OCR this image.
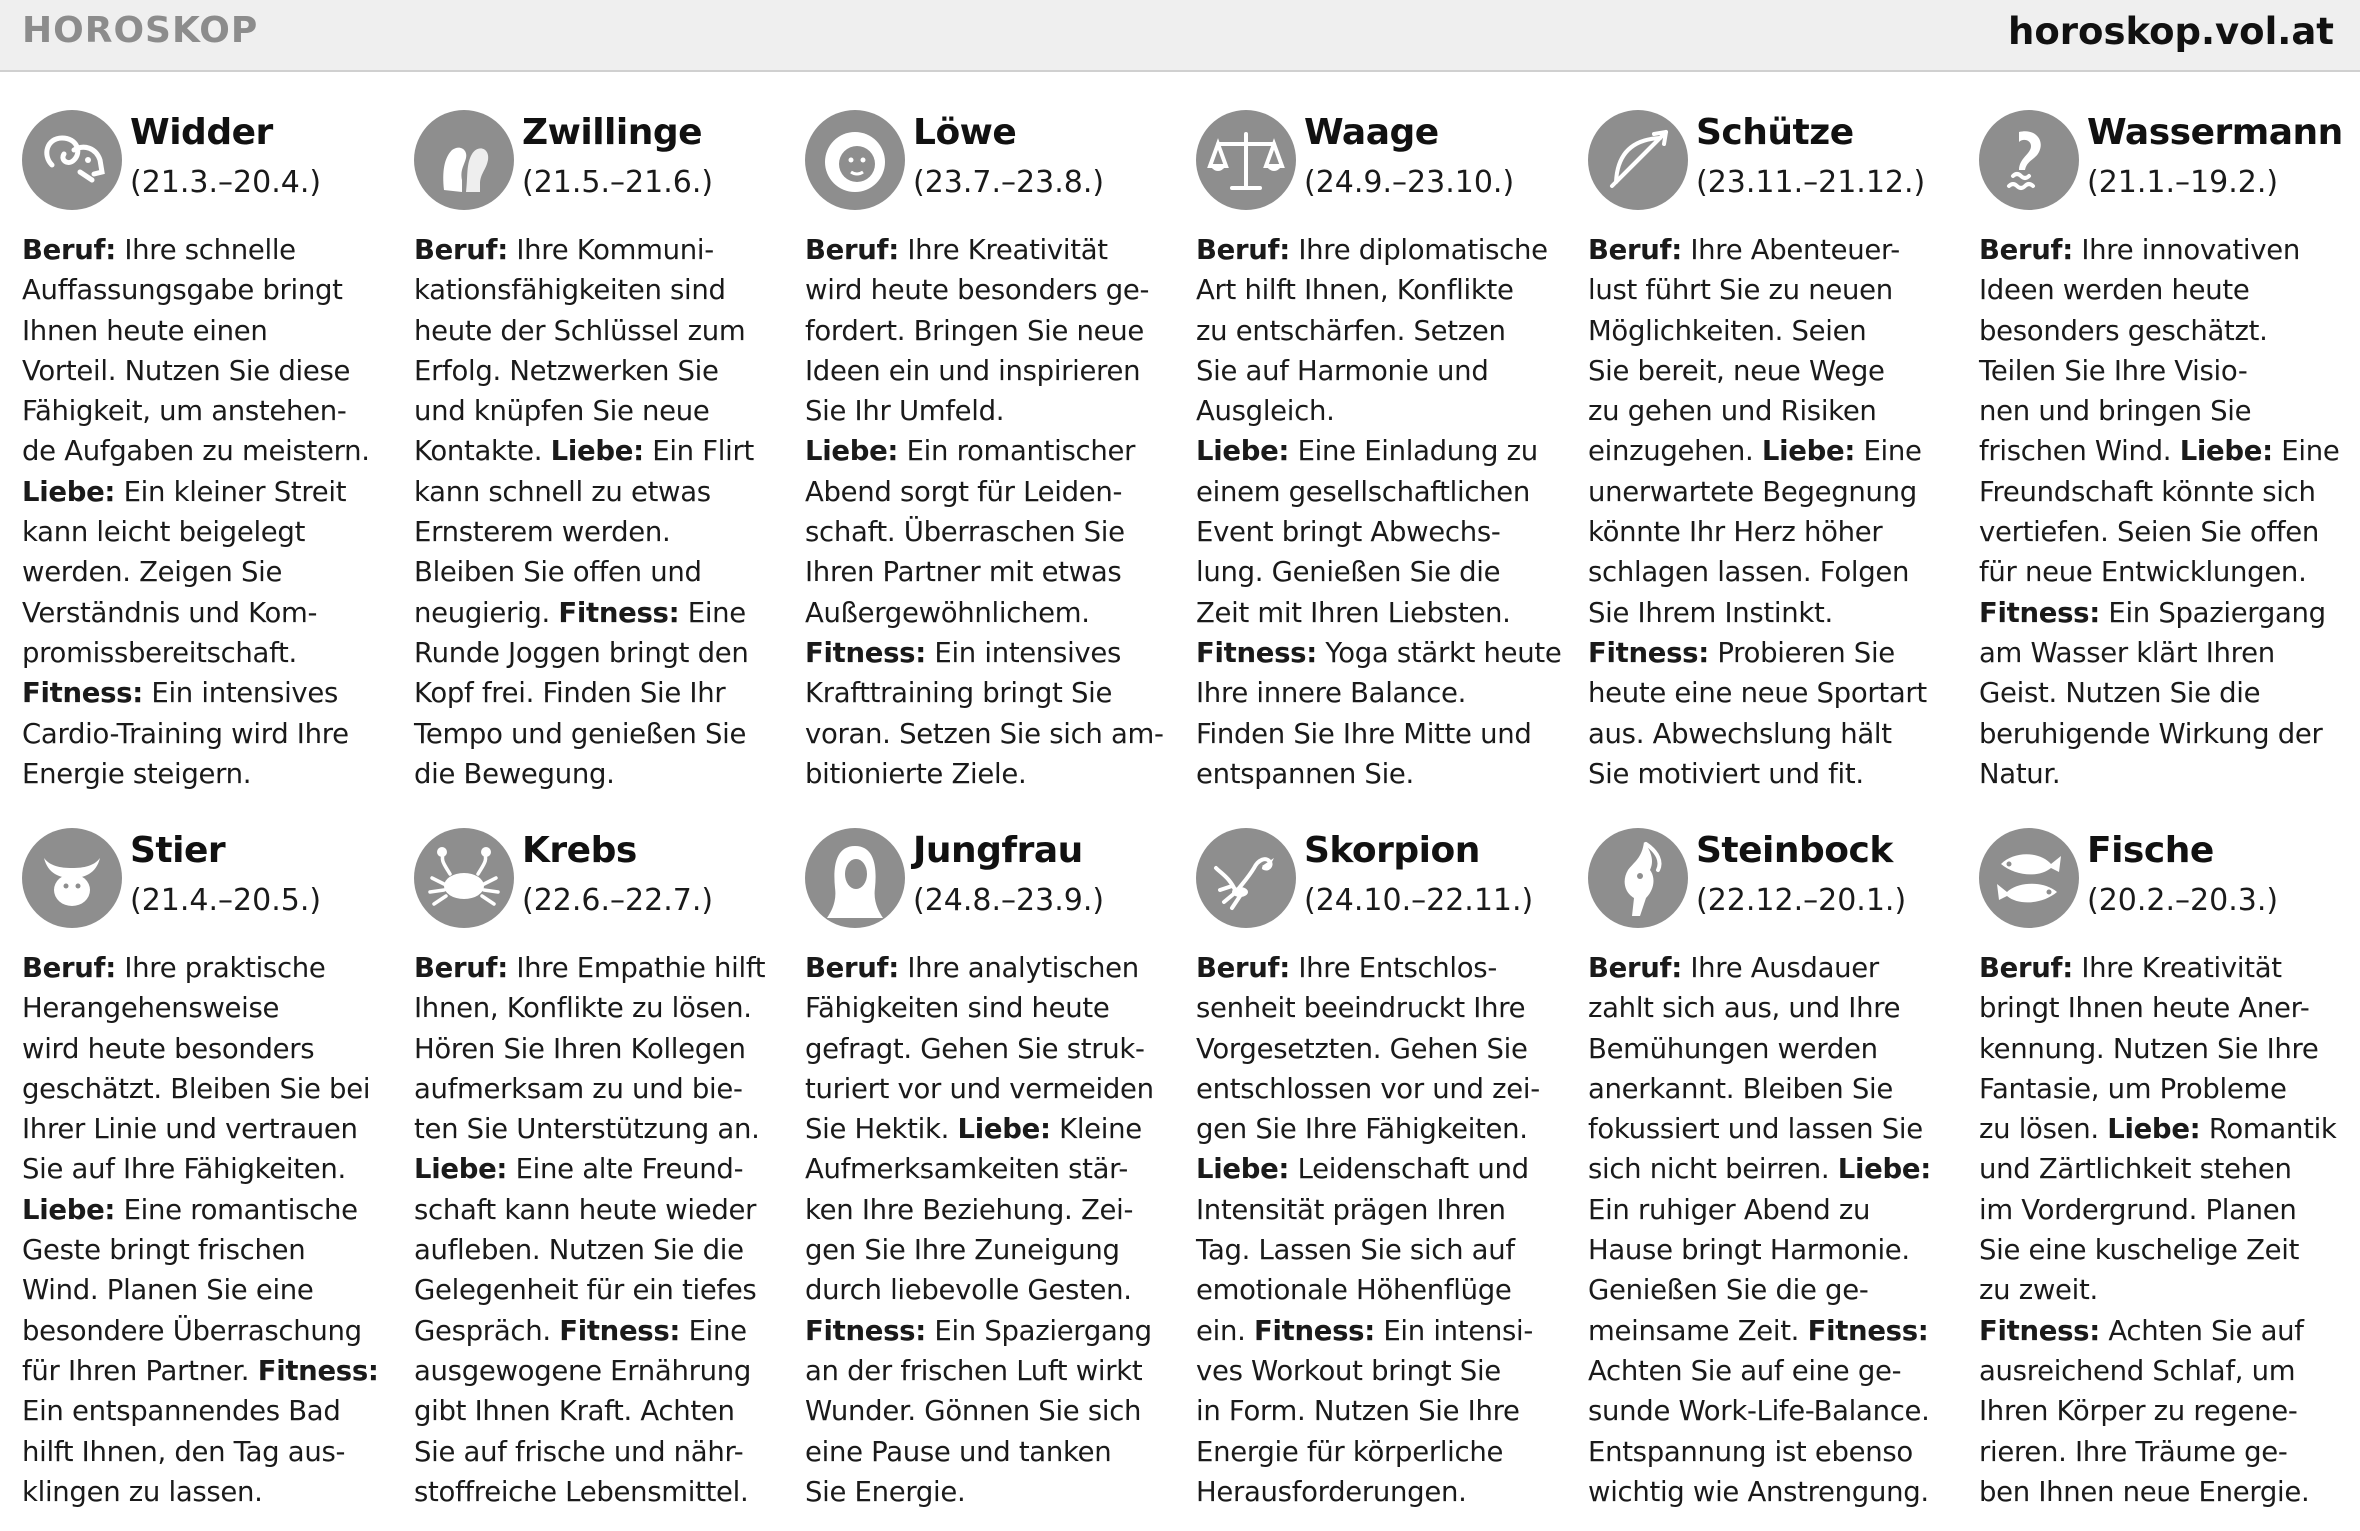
HOROSKOP	horoskop.vol.at
Widder
(21.3.–20.4.)
Beruf: Ihre schnelle
Auffassungsgabe bringt
Ihnen heute einen
Vorteil. Nutzen Sie diese
Fähigkeit, um anstehen-
de Aufgaben zu meistern.
Liebe: Ein kleiner Streit
kann leicht beigelegt
werden. Zeigen Sie
Verständnis und Kom-
promissbereitschaft.
Fitness: Ein intensives
Cardio-Training wird Ihre
Energie steigern.
Zwillinge
(21.5.–21.6.)
Beruf: Ihre Kommuni-
kationsfähigkeiten sind
heute der Schlüssel zum
Erfolg. Netzwerken Sie
und knüpfen Sie neue
Kontakte. Liebe: Ein Flirt
kann schnell zu etwas
Ernsterem werden.
Bleiben Sie offen und
neugierig. Fitness: Eine
Runde Joggen bringt den
Kopf frei. Finden Sie Ihr
Tempo und genießen Sie
die Bewegung.
Löwe
(23.7.–23.8.)
Beruf: Ihre Kreativität
wird heute besonders ge-
fordert. Bringen Sie neue
Ideen ein und inspirieren
Sie Ihr Umfeld.
Liebe: Ein romantischer
Abend sorgt für Leiden-
schaft. Überraschen Sie
Ihren Partner mit etwas
Außergewöhnlichem.
Fitness: Ein intensives
Krafttraining bringt Sie
voran. Setzen Sie sich am-
bitionierte Ziele.
Waage
(24.9.–23.10.)
Beruf: Ihre diplomatische
Art hilft Ihnen, Konflikte
zu entschärfen. Setzen
Sie auf Harmonie und
Ausgleich.
Liebe: Eine Einladung zu
einem gesellschaftlichen
Event bringt Abwechs-
lung. Genießen Sie die
Zeit mit Ihren Liebsten.
Fitness: Yoga stärkt heute
Ihre innere Balance.
Finden Sie Ihre Mitte und
entspannen Sie.
Schütze
(23.11.–21.12.)
Beruf: Ihre Abenteuer-
lust führt Sie zu neuen
Möglichkeiten. Seien
Sie bereit, neue Wege
zu gehen und Risiken
einzugehen. Liebe: Eine
unerwartete Begegnung
könnte Ihr Herz höher
schlagen lassen. Folgen
Sie Ihrem Instinkt.
Fitness: Probieren Sie
heute eine neue Sportart
aus. Abwechslung hält
Sie motiviert und fit.
Wassermann
(21.1.–19.2.)
Beruf: Ihre innovativen
Ideen werden heute
besonders geschätzt.
Teilen Sie Ihre Visio-
nen und bringen Sie
frischen Wind. Liebe: Eine
Freundschaft könnte sich
vertiefen. Seien Sie offen
für neue Entwicklungen.
Fitness: Ein Spaziergang
am Wasser klärt Ihren
Geist. Nutzen Sie die
beruhigende Wirkung der
Natur.
Stier
(21.4.–20.5.)
Beruf: Ihre praktische
Herangehensweise
wird heute besonders
geschätzt. Bleiben Sie bei
Ihrer Linie und vertrauen
Sie auf Ihre Fähigkeiten.
Liebe: Eine romantische
Geste bringt frischen
Wind. Planen Sie eine
besondere Überraschung
für Ihren Partner. Fitness:
Ein entspannendes Bad
hilft Ihnen, den Tag aus-
klingen zu lassen.
Krebs
(22.6.–22.7.)
Beruf: Ihre Empathie hilft
Ihnen, Konflikte zu lösen.
Hören Sie Ihren Kollegen
aufmerksam zu und bie-
ten Sie Unterstützung an.
Liebe: Eine alte Freund-
schaft kann heute wieder
aufleben. Nutzen Sie die
Gelegenheit für ein tiefes
Gespräch. Fitness: Eine
ausgewogene Ernährung
gibt Ihnen Kraft. Achten
Sie auf frische und nähr-
stoffreiche Lebensmittel.
Jungfrau
(24.8.–23.9.)
Beruf: Ihre analytischen
Fähigkeiten sind heute
gefragt. Gehen Sie struk-
turiert vor und vermeiden
Sie Hektik. Liebe: Kleine
Aufmerksamkeiten stär-
ken Ihre Beziehung. Zei-
gen Sie Ihre Zuneigung
durch liebevolle Gesten.
Fitness: Ein Spaziergang
an der frischen Luft wirkt
Wunder. Gönnen Sie sich
eine Pause und tanken
Sie Energie.
Skorpion
(24.10.–22.11.)
Beruf: Ihre Entschlos-
senheit beeindruckt Ihre
Vorgesetzten. Gehen Sie
entschlossen vor und zei-
gen Sie Ihre Fähigkeiten.
Liebe: Leidenschaft und
Intensität prägen Ihren
Tag. Lassen Sie sich auf
emotionale Höhenflüge
ein. Fitness: Ein intensi-
ves Workout bringt Sie
in Form. Nutzen Sie Ihre
Energie für körperliche
Herausforderungen.
Steinbock
(22.12.–20.1.)
Beruf: Ihre Ausdauer
zahlt sich aus, und Ihre
Bemühungen werden
anerkannt. Bleiben Sie
fokussiert und lassen Sie
sich nicht beirren. Liebe:
Ein ruhiger Abend zu
Hause bringt Harmonie.
Genießen Sie die ge-
meinsame Zeit. Fitness:
Achten Sie auf eine ge-
sunde Work-Life-Balance.
Entspannung ist ebenso
wichtig wie Anstrengung.
Fische
(20.2.–20.3.)
Beruf: Ihre Kreativität
bringt Ihnen heute Aner-
kennung. Nutzen Sie Ihre
Fantasie, um Probleme
zu lösen. Liebe: Romantik
und Zärtlichkeit stehen
im Vordergrund. Planen
Sie eine kuschelige Zeit
zu zweit.
Fitness: Achten Sie auf
ausreichend Schlaf, um
Ihren Körper zu regene-
rieren. Ihre Träume ge-
ben Ihnen neue Energie.
